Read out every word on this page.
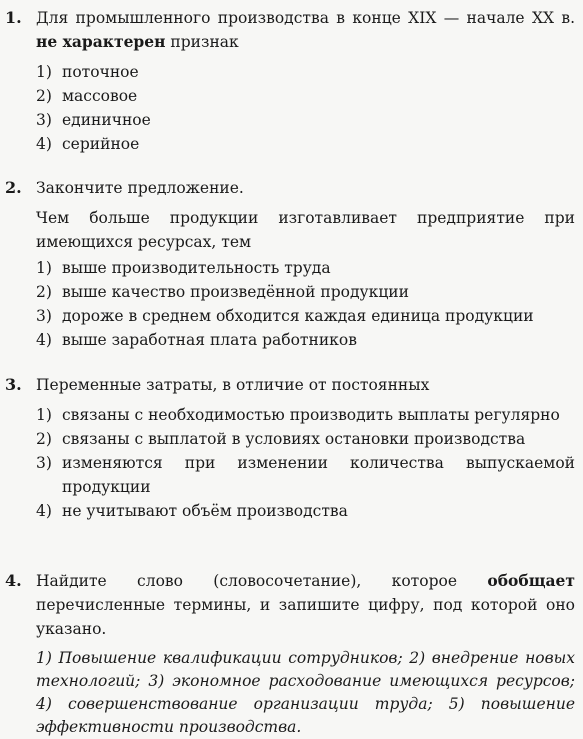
1. Для промышленного производства в конце XIX — начале XX в. не характерен признак
1) поточное
2) массовое
3) единичное
4) серийное
2. Закончите предложение.
Чем больше продукции изготавливает предприятие при имеющихся ресурсах, тем
1) выше производительность труда
2) выше качество произведённой продукции
3) дороже в среднем обходится каждая единица продукции
4) выше заработная плата работников
3. Переменные затраты, в отличие от постоянных
1) связаны с необходимостью производить выплаты регулярно
2) связаны с выплатой в условиях остановки производства
3) изменяются при изменении количества выпускаемой продукции
4) не учитывают объём производства
4. Найдите слово (словосочетание), которое обобщает перечисленные термины, и запишите цифру, под которой оно указано.
1) Повышение квалификации сотрудников; 2) внедрение новых технологий; 3) экономное расходование имеющихся ресурсов; 4) совершенствование организации труда; 5) повышение эффективности производства.
